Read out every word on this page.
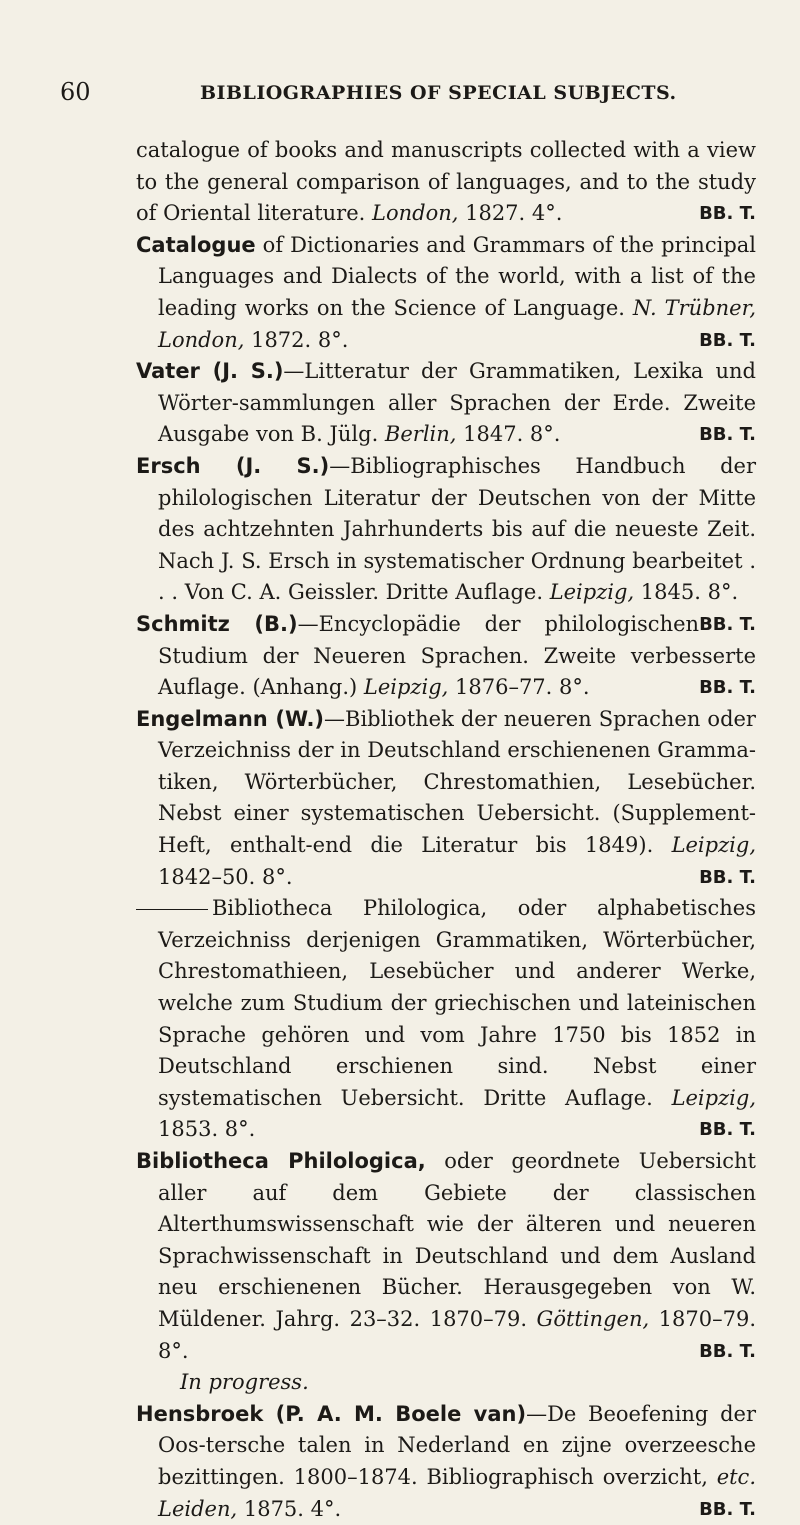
60	BIBLIOGRAPHIES OF SPECIAL SUBJECTS.

catalogue of books and manuscripts collected with a view to the general comparison of languages, and to the study of Oriental literature. London, 1827. 4°.	BB. T.

Catalogue of Dictionaries and Grammars of the principal Languages and Dialects of the world, with a list of the leading works on the Science of Language. N. Trübner, London, 1872. 8°.	BB. T.

Vater (J. S.)—Litteratur der Grammatiken, Lexika und Wörter-sammlungen aller Sprachen der Erde. Zweite Ausgabe von B. Jülg. Berlin, 1847. 8°.	BB. T.

Ersch (J. S.)—Bibliographisches Handbuch der philologischen Literatur der Deutschen von der Mitte des achtzehnten Jahrhunderts bis auf die neueste Zeit. Nach J. S. Ersch in systematischer Ordnung bearbeitet . . . Von C. A. Geissler. Dritte Auflage. Leipzig, 1845. 8°.
BB. T.

Schmitz (B.)—Encyclopädie der philologischen Studium der Neueren Sprachen. Zweite verbesserte Auflage. (Anhang.) Leipzig, 1876–77. 8°.	BB. T.

Engelmann (W.)—Bibliothek der neueren Sprachen oder Verzeichniss der in Deutschland erschienenen Gramma-tiken, Wörterbücher, Chrestomathien, Lesebücher. Nebst einer systematischen Uebersicht. (Supplement-Heft, enthalt-end die Literatur bis 1849). Leipzig, 1842–50. 8°.	BB. T.

Bibliotheca Philologica, oder alphabetisches Verzeichniss derjenigen Grammatiken, Wörterbücher, Chrestomathieen, Lesebücher und anderer Werke, welche zum Studium der griechischen und lateinischen Sprache gehören und vom Jahre 1750 bis 1852 in Deutschland erschienen sind. Nebst einer systematischen Uebersicht. Dritte Auflage. Leipzig, 1853. 8°.	BB. T.

Bibliotheca Philologica, oder geordnete Uebersicht aller auf dem Gebiete der classischen Alterthumswissenschaft wie der älteren und neueren Sprachwissenschaft in Deutschland und dem Ausland neu erschienenen Bücher. Herausgegeben von W. Müldener. Jahrg. 23–32. 1870–79. Göttingen, 1870–79. 8°.	BB. T.

In progress.

Hensbroek (P. A. M. Boele van)—De Beoefening der Oos-tersche talen in Nederland en zijne overzeesche bezittingen. 1800–1874. Bibliographisch overzicht, etc. Leiden, 1875. 4°.	BB. T.
